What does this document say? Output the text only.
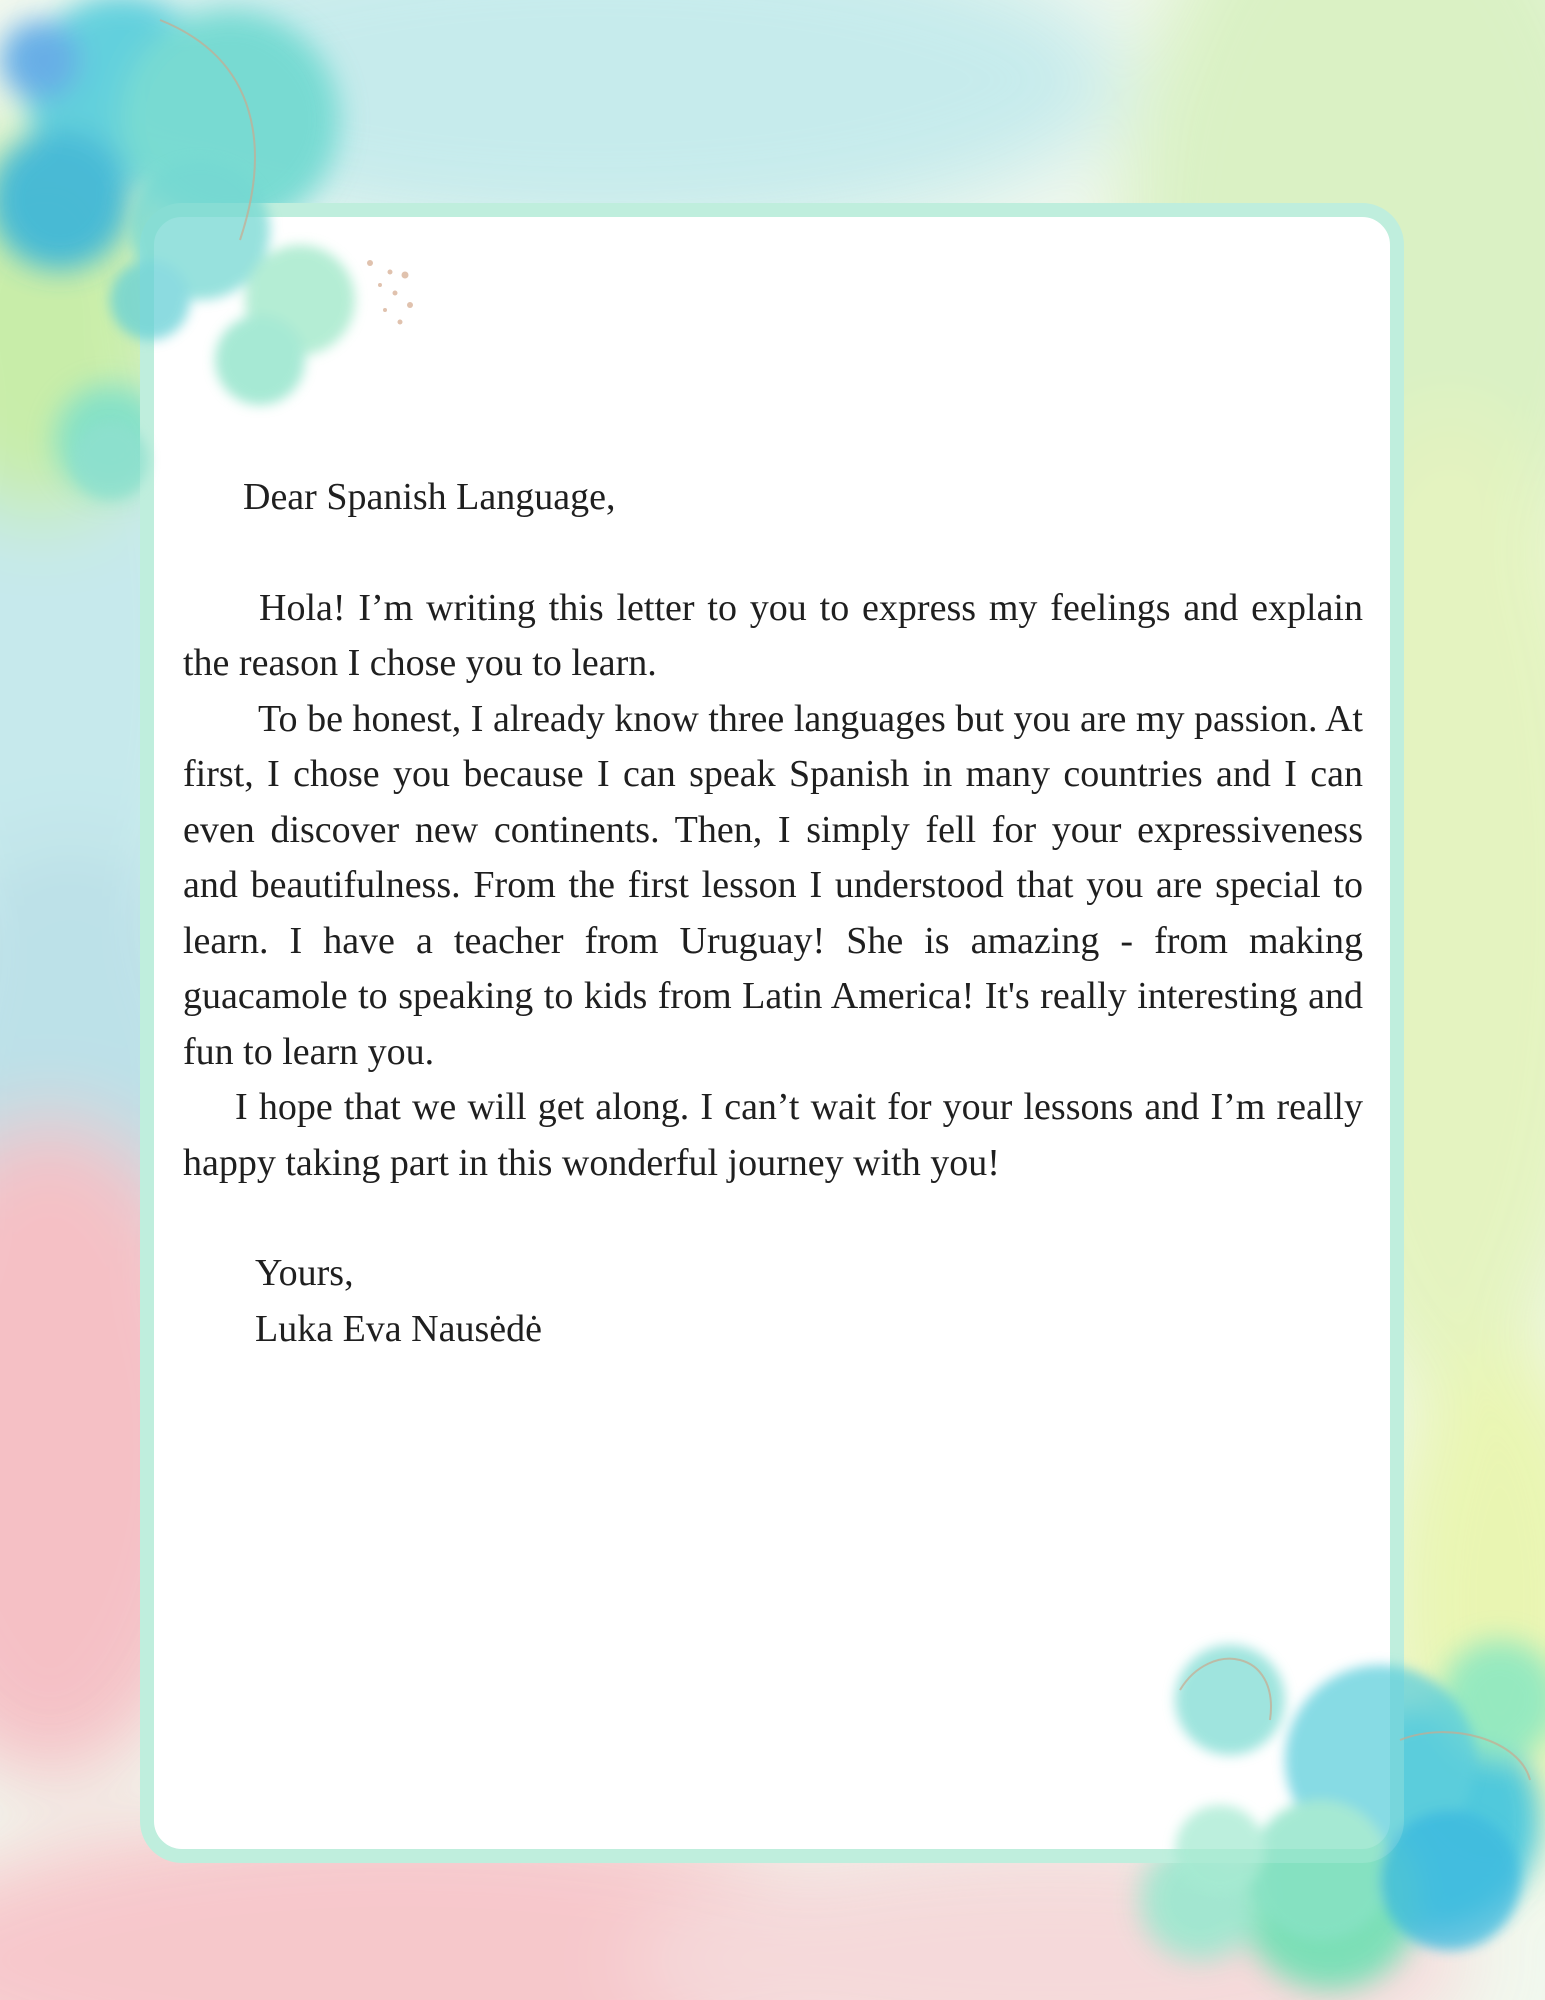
Dear Spanish Language,

Hola! I’m writing this letter to you to express my feelings and explain the reason I chose you to learn.

To be honest, I already know three languages but you are my passion. At first, I chose you because I can speak Spanish in many countries and I can even discover new continents. Then, I simply fell for your expressiveness and beautifulness. From the first lesson I understood that you are special to learn. I have a teacher from Uruguay! She is amazing - from making guacamole to speaking to kids from Latin America! It's really interesting and fun to learn you.

I hope that we will get along. I can’t wait for your lessons and I’m really happy taking part in this wonderful journey with you!

Yours,

Luka Eva Nausėdė
